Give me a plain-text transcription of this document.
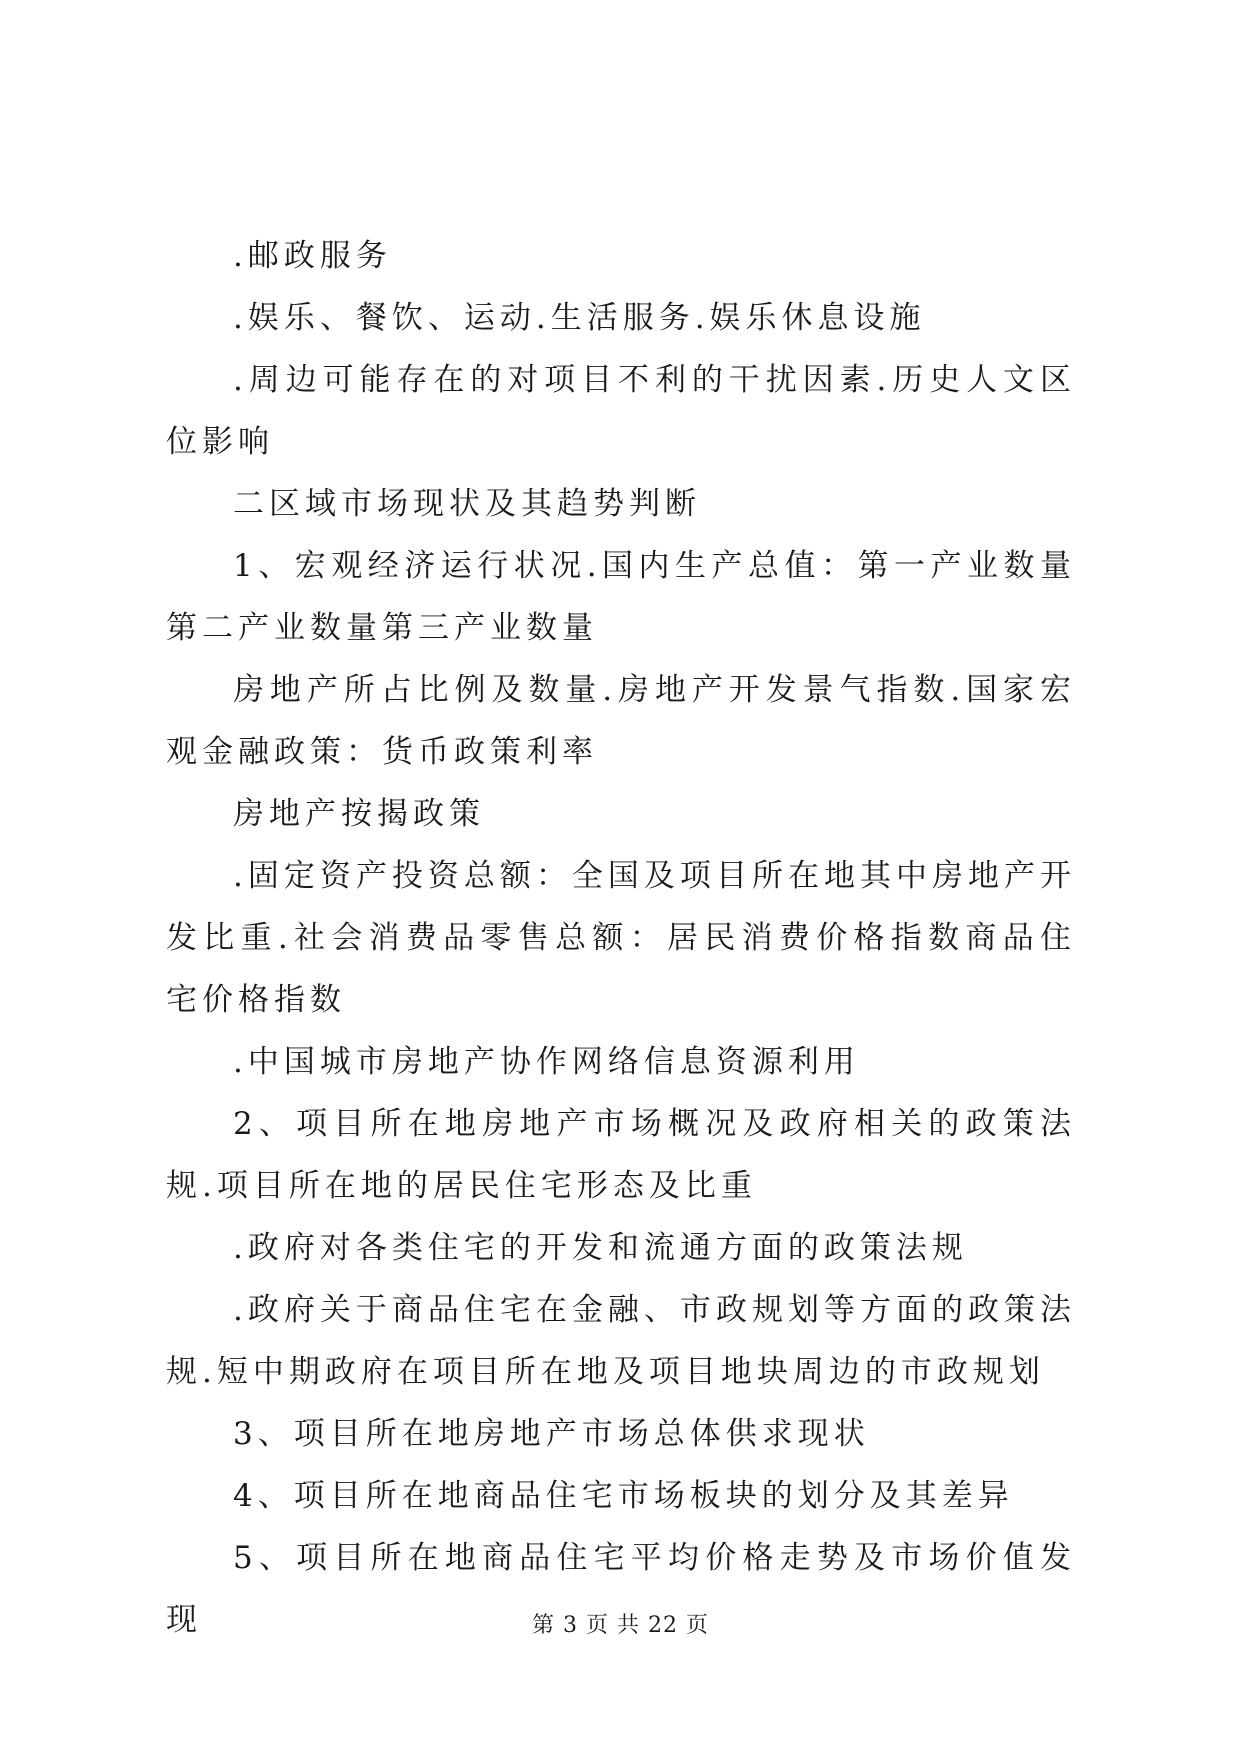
.邮政服务

.娱乐、餐饮、运动.生活服务.娱乐休息设施

.周边可能存在的对项目不利的干扰因素.历史人文区位影响

二区域市场现状及其趋势判断

1、宏观经济运行状况.国内生产总值：第一产业数量第二产业数量第三产业数量

房地产所占比例及数量.房地产开发景气指数.国家宏观金融政策：货币政策利率

房地产按揭政策

.固定资产投资总额：全国及项目所在地其中房地产开发比重.社会消费品零售总额：居民消费价格指数商品住宅价格指数

.中国城市房地产协作网络信息资源利用

2、项目所在地房地产市场概况及政府相关的政策法规.项目所在地的居民住宅形态及比重

.政府对各类住宅的开发和流通方面的政策法规

.政府关于商品住宅在金融、市政规划等方面的政策法规.短中期政府在项目所在地及项目地块周边的市政规划

3、项目所在地房地产市场总体供求现状

4、项目所在地商品住宅市场板块的划分及其差异

5、项目所在地商品住宅平均价格走势及市场价值发现	第 3 页 共 22 页
